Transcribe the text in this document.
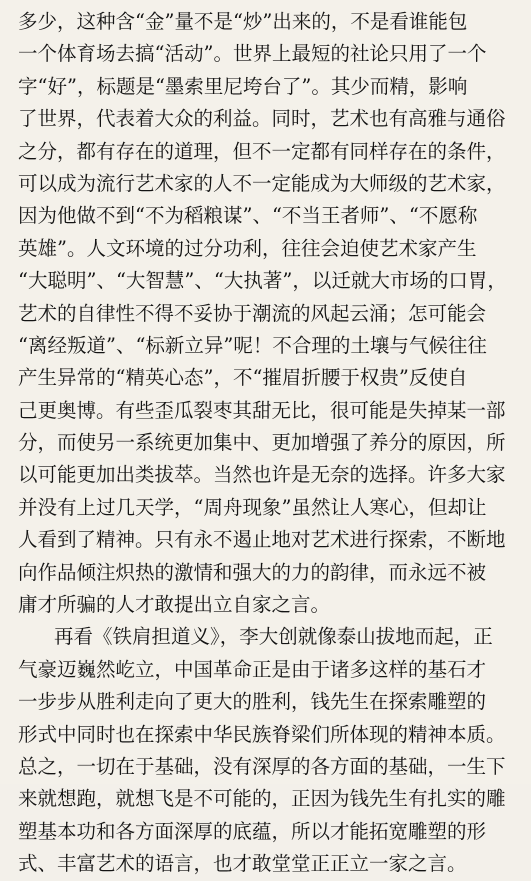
多少，这种含“金”量不是“炒”出来的，不是看谁能包
一个体育场去搞“活动”。世界上最短的社论只用了一个
字“好”，标题是“墨索里尼垮台了”。其少而精，影响
了世界，代表着大众的利益。同时，艺术也有高雅与通俗
之分，都有存在的道理，但不一定都有同样存在的条件，
可以成为流行艺术家的人不一定能成为大师级的艺术家，
因为他做不到“不为稻粮谋”、“不当王者师”、“不愿称
英雄”。人文环境的过分功利，往往会迫使艺术家产生
“大聪明”、“大智慧”、“大执著”，以迁就大市场的口胃，
艺术的自律性不得不妥协于潮流的风起云涌；怎可能会
“离经叛道”、“标新立异”呢！不合理的土壤与气候往往
产生异常的“精英心态”，不“摧眉折腰于权贵”反使自
己更奥博。有些歪瓜裂枣其甜无比，很可能是失掉某一部
分，而使另一系统更加集中、更加增强了养分的原因，所
以可能更加出类拔萃。当然也许是无奈的选择。许多大家
并没有上过几天学，“周舟现象”虽然让人寒心，但却让
人看到了精神。只有永不遏止地对艺术进行探索，不断地
向作品倾注炽热的激情和强大的力的韵律，而永远不被
庸才所骗的人才敢提出立自家之言。
再看《铁肩担道义》，李大创就像泰山拔地而起，正
气豪迈巍然屹立，中国革命正是由于诸多这样的基石才
一步步从胜利走向了更大的胜利，钱先生在探索雕塑的
形式中同时也在探索中华民族脊梁们所体现的精神本质。
总之，一切在于基础，没有深厚的各方面的基础，一生下
来就想跑，就想飞是不可能的，正因为钱先生有扎实的雕
塑基本功和各方面深厚的底蕴，所以才能拓宽雕塑的形
式、丰富艺术的语言，也才敢堂堂正正立一家之言。
